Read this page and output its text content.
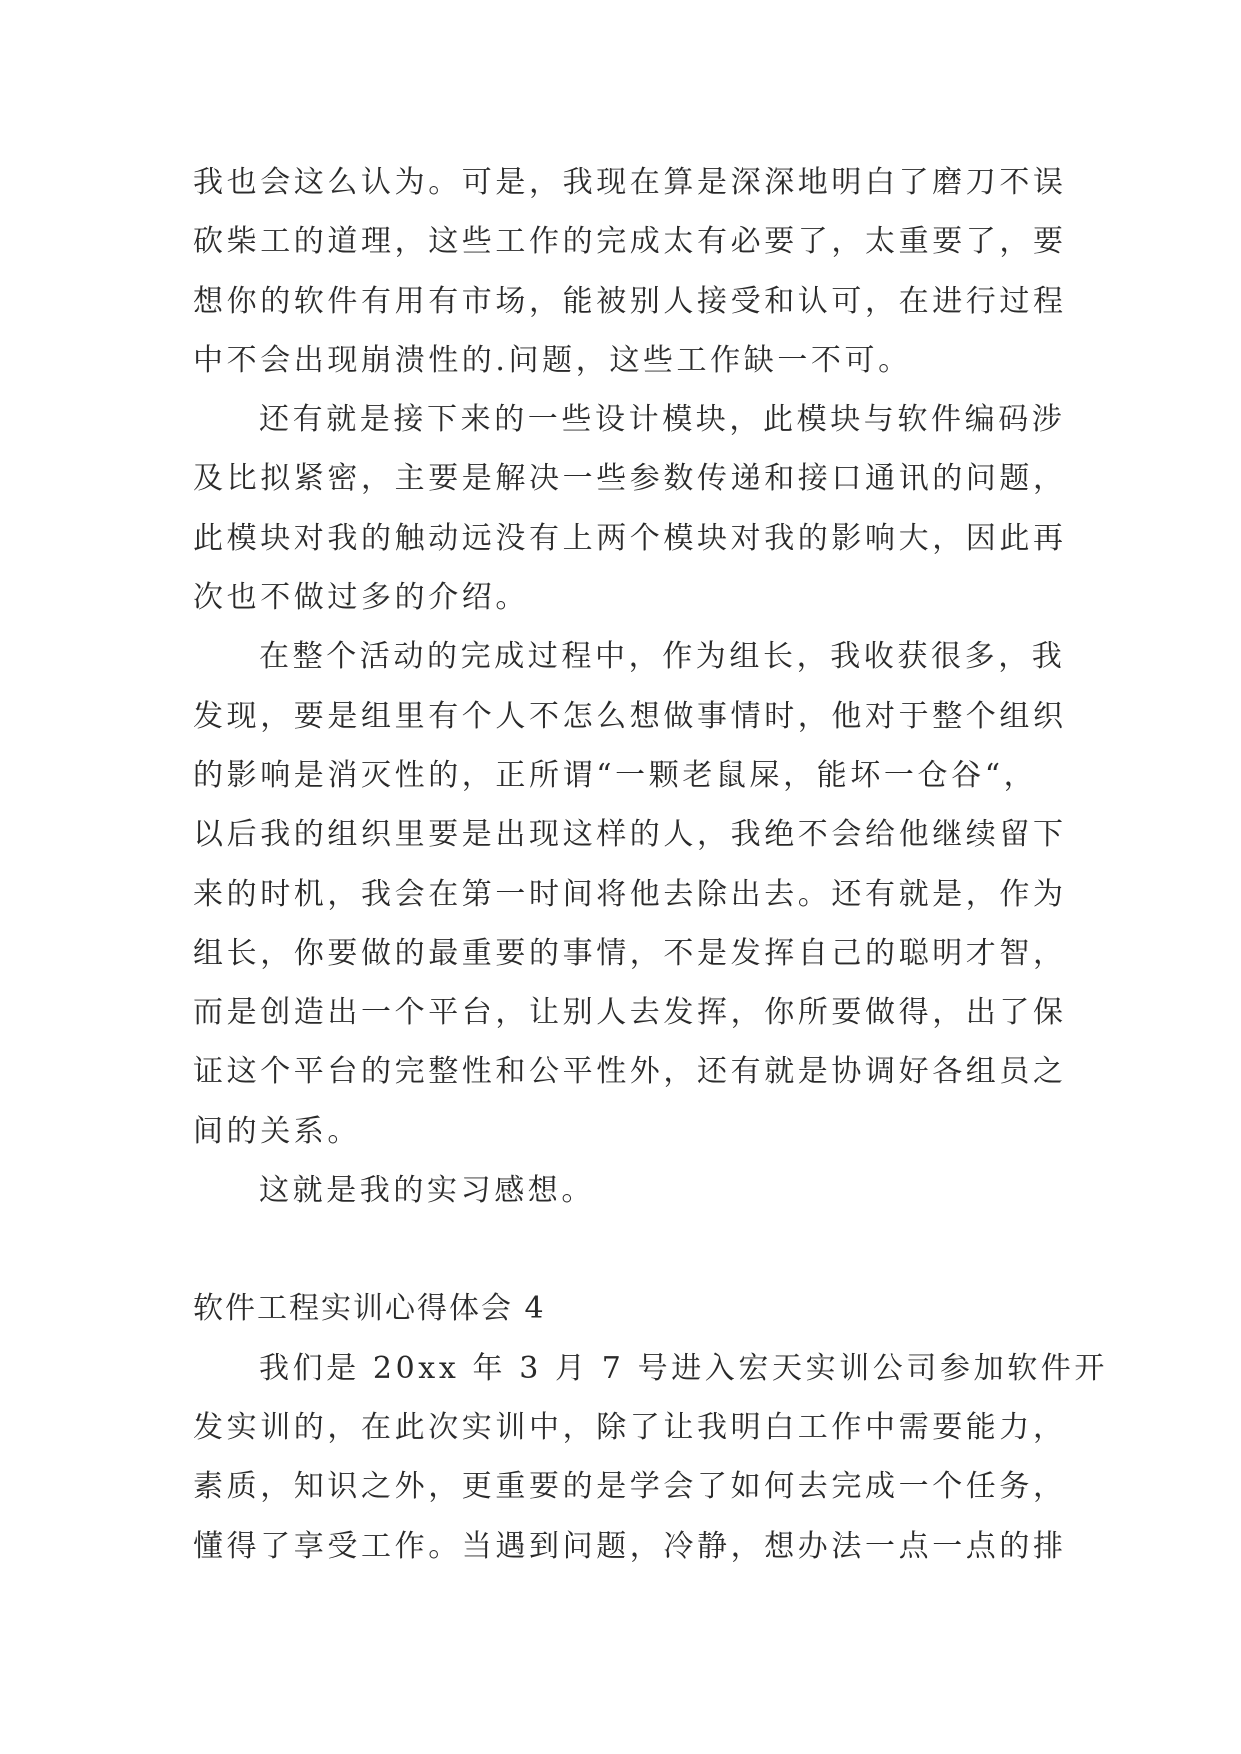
我也会这么认为。可是，我现在算是深深地明白了磨刀不误
砍柴工的道理，这些工作的完成太有必要了，太重要了，要
想你的软件有用有市场，能被别人接受和认可，在进行过程
中不会出现崩溃性的.问题，这些工作缺一不可。
还有就是接下来的一些设计模块，此模块与软件编码涉
及比拟紧密，主要是解决一些参数传递和接口通讯的问题，
此模块对我的触动远没有上两个模块对我的影响大，因此再
次也不做过多的介绍。
在整个活动的完成过程中，作为组长，我收获很多，我
发现，要是组里有个人不怎么想做事情时，他对于整个组织
的影响是消灭性的，正所谓“一颗老鼠屎，能坏一仓谷“，
以后我的组织里要是出现这样的人，我绝不会给他继续留下
来的时机，我会在第一时间将他去除出去。还有就是，作为
组长，你要做的最重要的事情，不是发挥自己的聪明才智，
而是创造出一个平台，让别人去发挥，你所要做得，出了保
证这个平台的完整性和公平性外，还有就是协调好各组员之
间的关系。
这就是我的实习感想。
软件工程实训心得体会 4
我们是 20xx 年 3 月 7 号进入宏天实训公司参加软件开
发实训的，在此次实训中，除了让我明白工作中需要能力，
素质，知识之外，更重要的是学会了如何去完成一个任务，
懂得了享受工作。当遇到问题，冷静，想办法一点一点的排
